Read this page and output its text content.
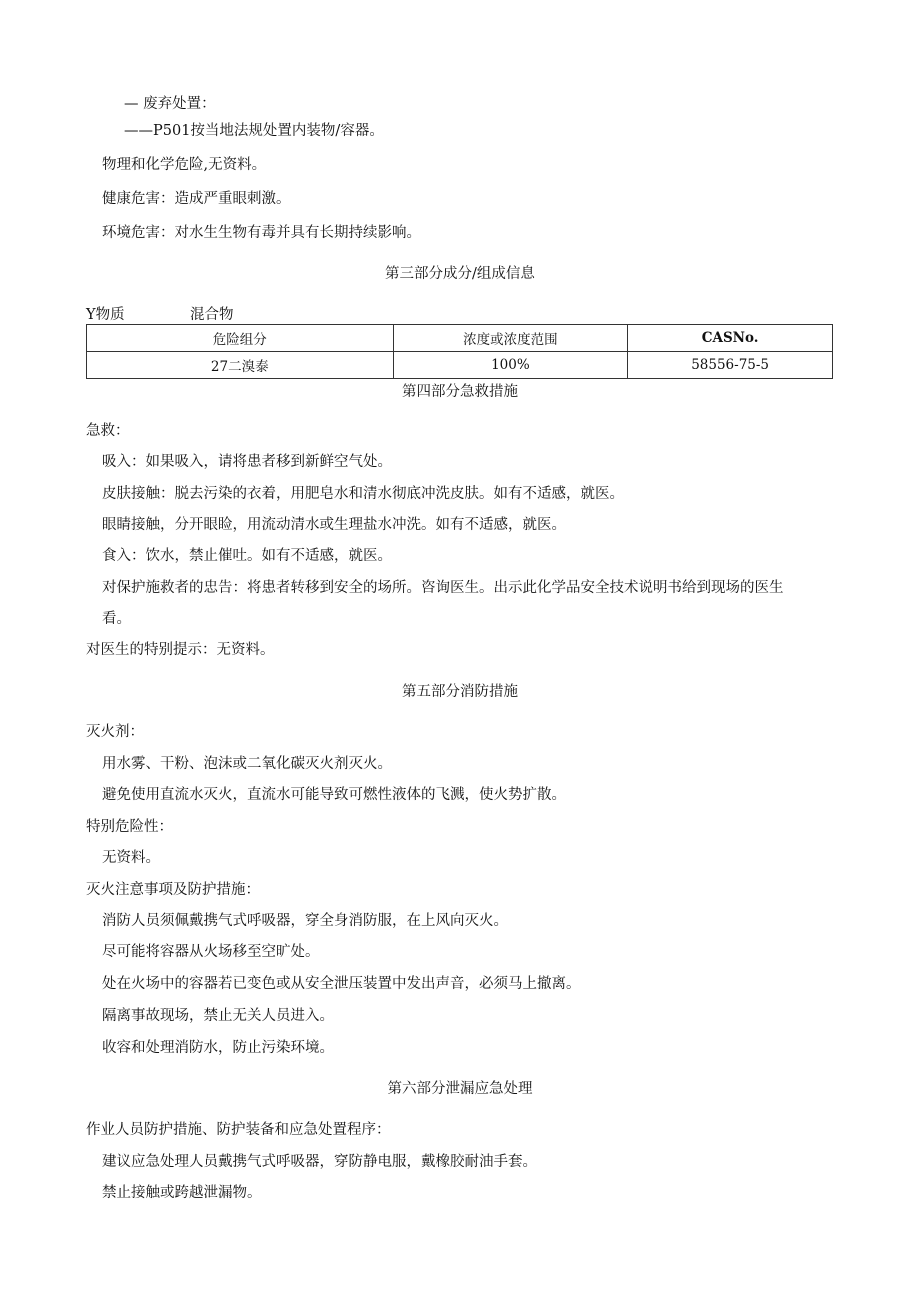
— 废弃处置：
——P501按当地法规处置内装物/容器。
物理和化学危险,无资料。
健康危害：造成严重眼刺激。
环境危害：对水生生物有毒并具有长期持续影响。
第三部分成分/组成信息
Y物质	混合物
危险组分	浓度或浓度范围	CASNo.
27二溴泰	100%	58556-75-5
第四部分急救措施
急救：
吸入：如果吸入，请将患者移到新鲜空气处。
皮肤接触：脱去污染的衣着，用肥皂水和清水彻底冲洗皮肤。如有不适感，就医。
眼睛接触，分开眼睑，用流动清水或生理盐水冲洗。如有不适感，就医。
食入：饮水，禁止催吐。如有不适感，就医。
对保护施救者的忠告：将患者转移到安全的场所。咨询医生。出示此化学品安全技术说明书给到现场的医生
看。
对医生的特别提示：无资料。
第五部分消防措施
灭火剂：
用水雾、干粉、泡沫或二氧化碳灭火剂灭火。
避免使用直流水灭火，直流水可能导致可燃性液体的飞溅，使火势扩散。
特别危险性：
无资料。
灭火注意事项及防护措施：
消防人员须佩戴携气式呼吸器，穿全身消防服，在上风向灭火。
尽可能将容器从火场移至空旷处。
处在火场中的容器若已变色或从安全泄压装置中发出声音，必须马上撤离。
隔离事故现场，禁止无关人员进入。
收容和处理消防水，防止污染环境。
第六部分泄漏应急处理
作业人员防护措施、防护装备和应急处置程序：
建议应急处理人员戴携气式呼吸器，穿防静电服，戴橡胶耐油手套。
禁止接触或跨越泄漏物。
